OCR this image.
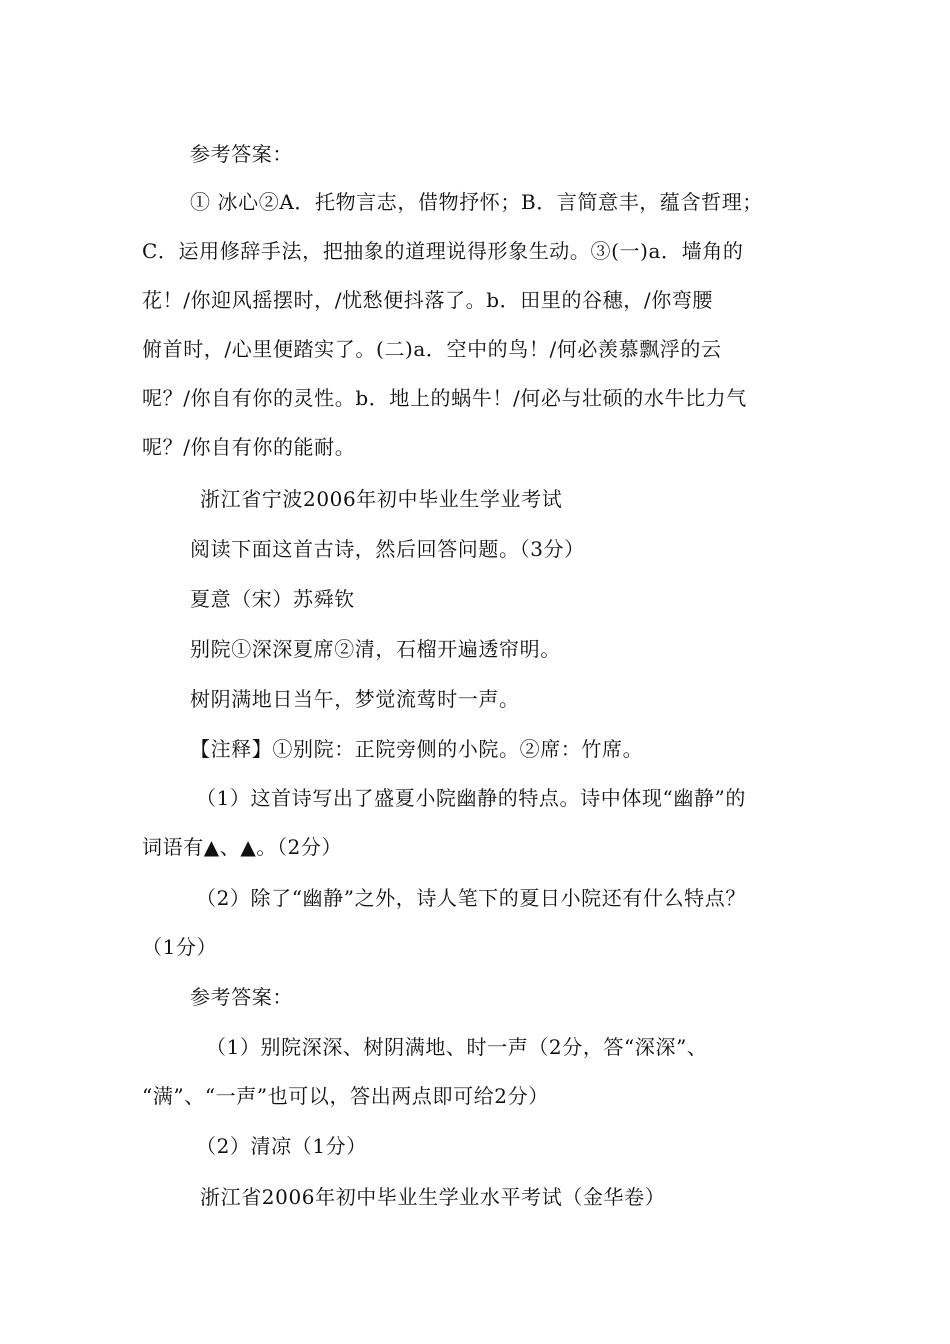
参考答案：
① 冰心②A．托物言志，借物抒怀；B．言简意丰，蕴含哲理；
C．运用修辞手法，把抽象的道理说得形象生动。③(一)a．墙角的
花！/你迎风摇摆时，/忧愁便抖落了。b．田里的谷穗，/你弯腰
俯首时，/心里便踏实了。(二)a．空中的鸟！/何必羡慕飘浮的云
呢？/你自有你的灵性。b．地上的蜗牛！/何必与壮硕的水牛比力气
呢？/你自有你的能耐。
浙江省宁波2006年初中毕业生学业考试
阅读下面这首古诗，然后回答问题。（3分）
夏意（宋）苏舜钦
别院①深深夏席②清，石榴开遍透帘明。
树阴满地日当午，梦觉流莺时一声。
【注释】①别院：正院旁侧的小院。②席：竹席。
（1）这首诗写出了盛夏小院幽静的特点。诗中体现“幽静”的
词语有▲、▲。（2分）
（2）除了“幽静”之外，诗人笔下的夏日小院还有什么特点？
（1分）
参考答案：
（1）别院深深、树阴满地、时一声（2分，答“深深”、
“满”、“一声”也可以，答出两点即可给2分）
（2）清凉（1分）
浙江省2006年初中毕业生学业水平考试（金华卷）
